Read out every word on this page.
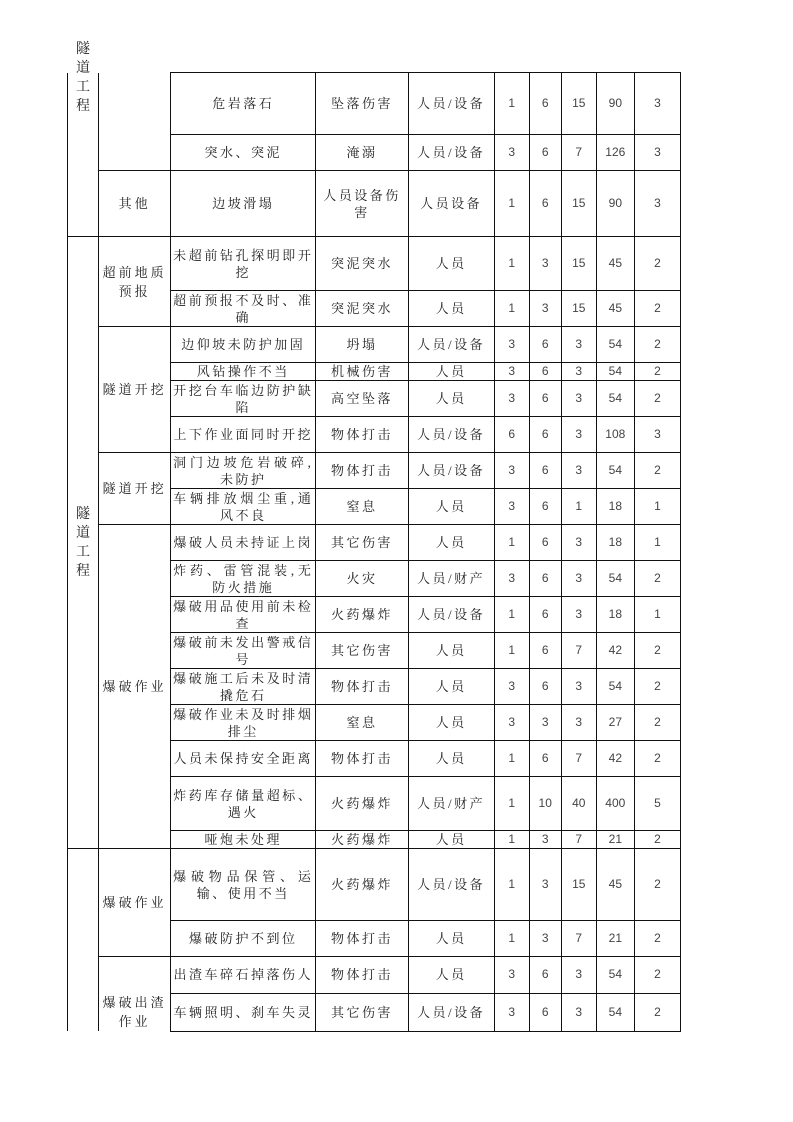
隧道工程		危岩落石	坠落伤害	人员/设备	1	6	15	90	3
		突水、突泥	淹溺	人员/设备	3	6	7	126	3
	其他	边坡滑塌	人员设备伤害	人员设备	1	6	15	90	3
隧道工程	超前地质预报	未超前钻孔探明即开挖	突泥突水	人员	1	3	15	45	2
		超前预报不及时、准确	突泥突水	人员	1	3	15	45	2
	隧道开挖	边仰坡未防护加固	坍塌	人员/设备	3	6	3	54	2
		风钻操作不当	机械伤害	人员	3	6	3	54	2
		开挖台车临边防护缺陷	高空坠落	人员	3	6	3	54	2
		上下作业面同时开挖	物体打击	人员/设备	6	6	3	108	3
	隧道开挖	洞门边坡危岩破碎,未防护	物体打击	人员/设备	3	6	3	54	2
		车辆排放烟尘重,通风不良	窒息	人员	3	6	1	18	1
	爆破作业	爆破人员未持证上岗	其它伤害	人员	1	6	3	18	1
		炸药、雷管混装,无防火措施	火灾	人员/财产	3	6	3	54	2
		爆破用品使用前未检查	火药爆炸	人员/设备	1	6	3	18	1
		爆破前未发出警戒信号	其它伤害	人员	1	6	7	42	2
		爆破施工后未及时清撬危石	物体打击	人员	3	6	3	54	2
		爆破作业未及时排烟排尘	窒息	人员	3	3	3	27	2
		人员未保持安全距离	物体打击	人员	1	6	7	42	2
		炸药库存储量超标、遇火	火药爆炸	人员/财产	1	10	40	400	5
		哑炮未处理	火药爆炸	人员	1	3	7	21	2
	爆破作业	爆破物品保管、运输、使用不当	火药爆炸	人员/设备	1	3	15	45	2
		爆破防护不到位	物体打击	人员	1	3	7	21	2

	爆破出渣作业	出渣车碎石掉落伤人	物体打击	人员	3	6	3	54	2
		车辆照明、刹车失灵	其它伤害	人员/设备	3	6	3	54	2
